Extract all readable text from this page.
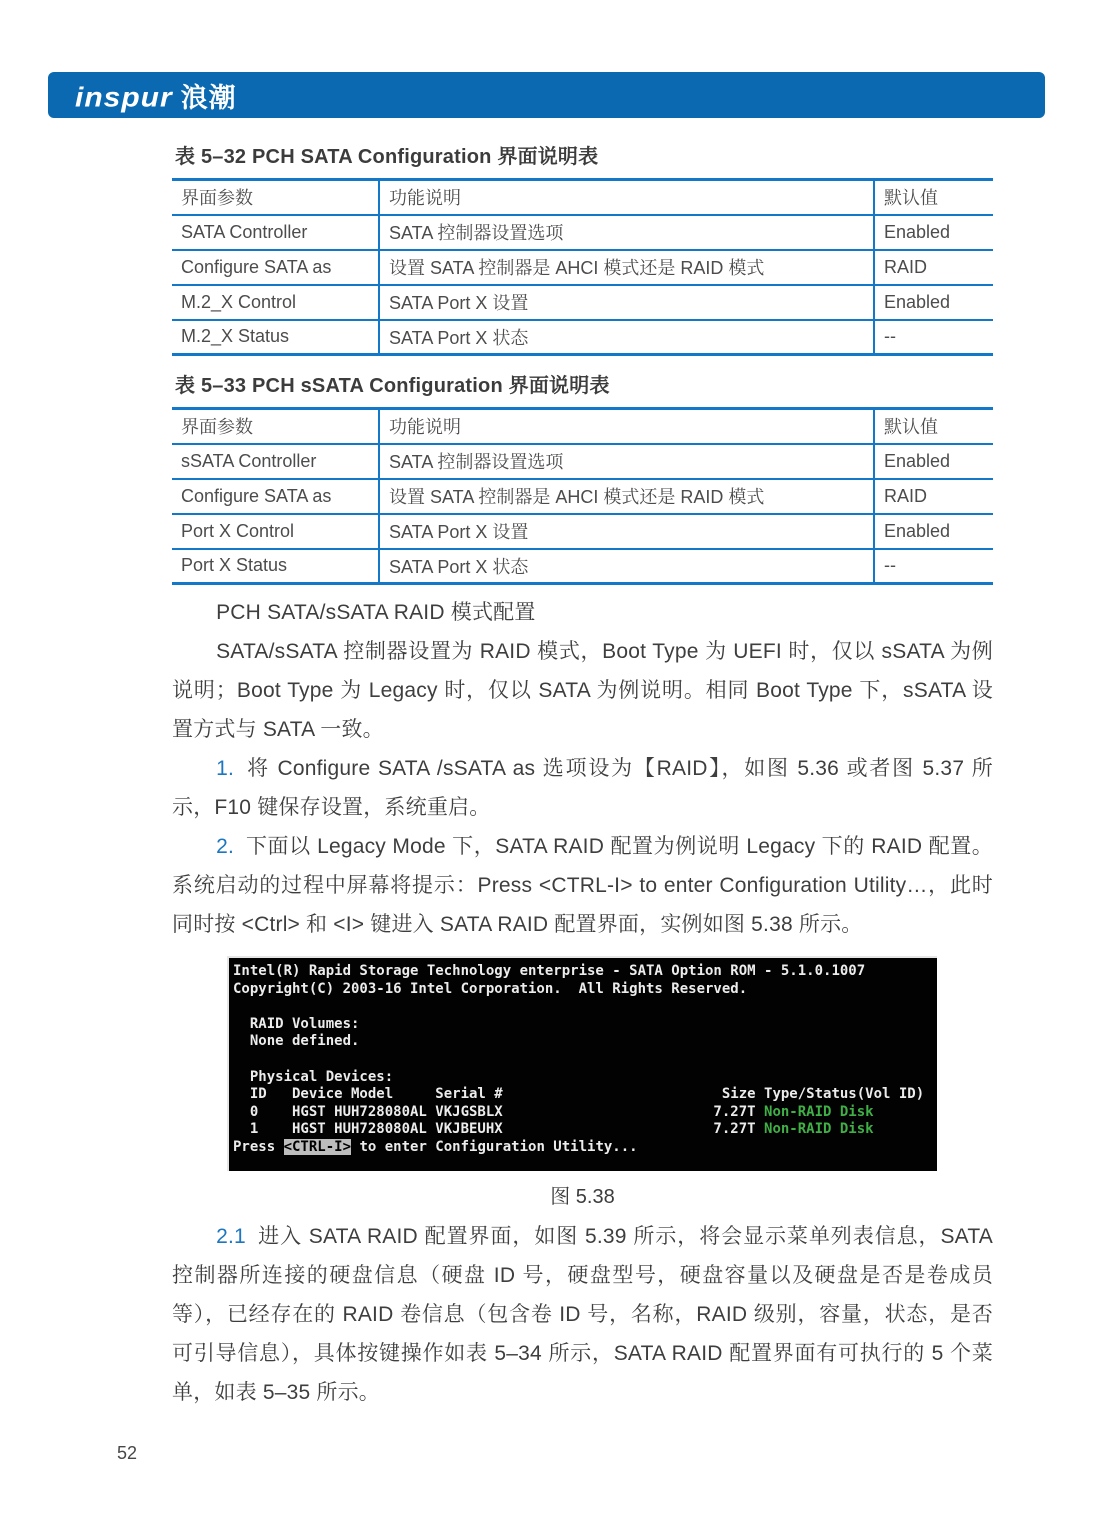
inspur 浪潮
表 5–32 PCH SATA Configuration 界面说明表
界面参数	功能说明	默认值
SATA Controller	SATA 控制器设置选项	Enabled
Configure SATA as	设置 SATA 控制器是 AHCI 模式还是 RAID 模式	RAID
M.2_X Control	SATA Port X 设置	Enabled
M.2_X Status	SATA Port X 状态	--
表 5–33 PCH sSATA Configuration 界面说明表
界面参数	功能说明	默认值
sSATA Controller	SATA 控制器设置选项	Enabled
Configure SATA as	设置 SATA 控制器是 AHCI 模式还是 RAID 模式	RAID
Port X Control	SATA Port X 设置	Enabled
Port X Status	SATA Port X 状态	--

PCH SATA/sSATA RAID 模式配置

SATA/sSATA 控制器设置为 RAID 模式，Boot Type 为 UEFI 时，仅以 sSATA 为例说明；Boot Type 为 Legacy 时，仅以 SATA 为例说明。相同 Boot Type 下，sSATA 设置方式与 SATA 一致。

1. 将 Configure SATA /sSATA as 选项设为【RAID】，如图 5.36 或者图 5.37 所示，F10 键保存设置，系统重启。

2. 下面以 Legacy Mode 下，SATA RAID 配置为例说明 Legacy 下的 RAID 配置。系统启动的过程中屏幕将提示：Press <CTRL-I> to enter Configuration Utility…，此时同时按 <Ctrl> 和 <I> 键进入 SATA RAID 配置界面，实例如图 5.38 所示。

Intel(R) Rapid Storage Technology enterprise - SATA Option ROM - 5.1.0.1007
Copyright(C) 2003-16 Intel Corporation.  All Rights Reserved.

RAID Volumes:
None defined.

Physical Devices:
ID   Device Model     Serial #                          Size Type/Status(Vol ID)
0    HGST HUH728080AL VKJGSBLX                         7.27T Non-RAID Disk
1    HGST HUH728080AL VKJBEUHX                         7.27T Non-RAID Disk
Press <CTRL-I> to enter Configuration Utility...
图 5.38

2.1 进入 SATA RAID 配置界面，如图 5.39 所示，将会显示菜单列表信息，SATA 控制器所连接的硬盘信息（硬盘 ID 号，硬盘型号，硬盘容量以及硬盘是否是卷成员等），已经存在的 RAID 卷信息（包含卷 ID 号，名称，RAID 级别，容量，状态，是否可引导信息），具体按键操作如表 5–34 所示，SATA RAID 配置界面有可执行的 5 个菜单，如表 5–35 所示。

52
